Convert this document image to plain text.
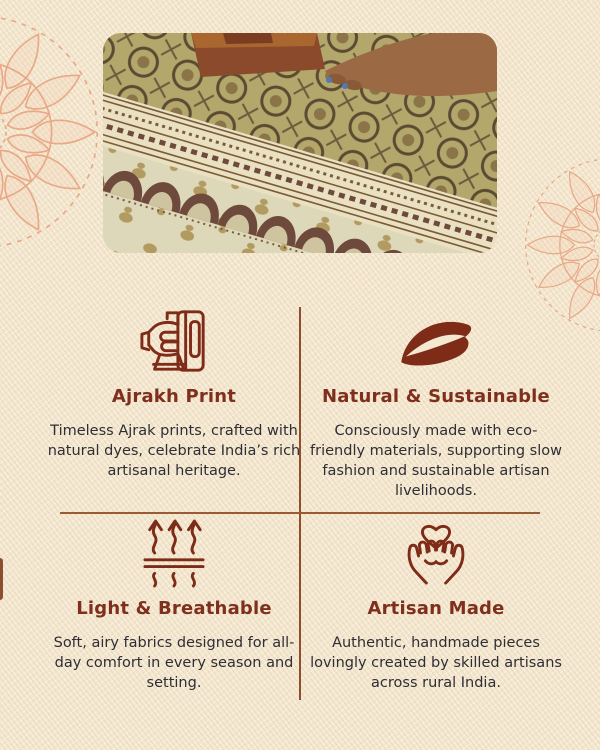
Ajrakh Print

Timeless Ajrak prints, crafted with natural dyes, celebrate India’s rich artisanal heritage.

Natural & Sustainable

Consciously made with eco-friendly materials, supporting slow fashion and sustainable artisan livelihoods.

Light & Breathable

Soft, airy fabrics designed for all-day comfort in every season and setting.

Artisan Made

Authentic, handmade pieces lovingly created by skilled artisans across rural India.
